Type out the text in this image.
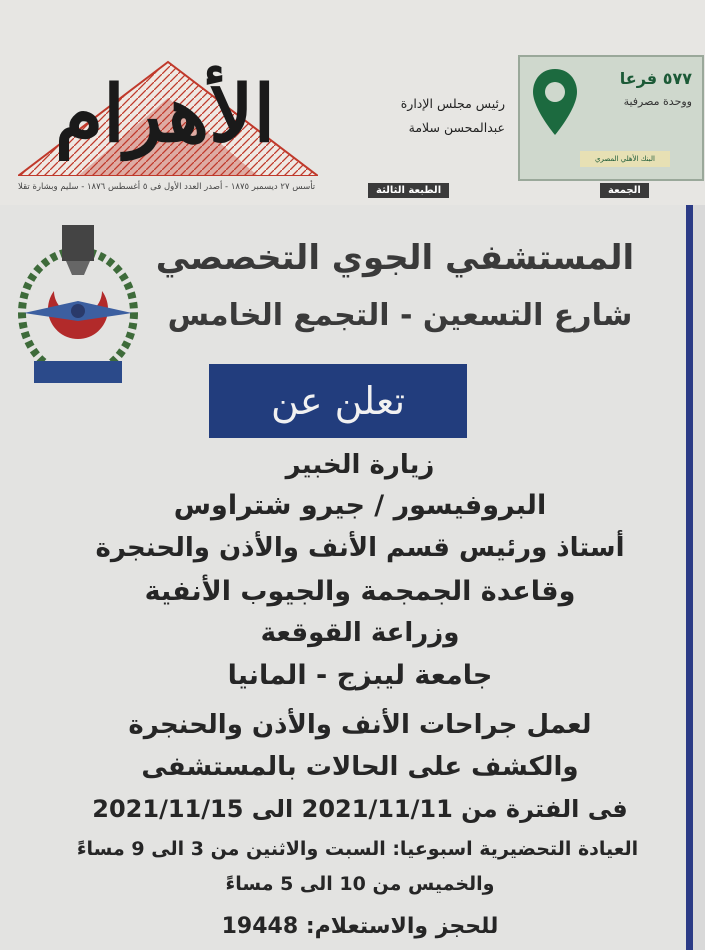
الأهرام	رئيس مجلس الإدارة
عبدالمحسن سلامة
٥٧٧ فرعا
ووحدة مصرفية
البنك الأهلي المصري
الطبعة الثالثة	الجمعة
تأسس ٢٧ ديسمبر ١٨٧٥ - أصدر العدد الأول فى ٥ أغسطس ١٨٧٦ - سليم وبشارة تقلا
المستشفي الجوي التخصصي
شارع التسعين - التجمع الخامس
تعلن عن
زيارة الخبير
البروفيسور / جيرو شتراوس
أستاذ ورئيس قسم الأنف والأذن والحنجرة
وقاعدة الجمجمة والجيوب الأنفية
وزراعة القوقعة
جامعة ليبزج - المانيا
لعمل جراحات الأنف والأذن والحنجرة
والكشف على الحالات بالمستشفى
فى الفترة من 2021/11/11 الى 2021/11/15
العيادة التحضيرية اسبوعيا: السبت والاثنين من 3 الى 9 مساءً
والخميس من 10 الى 5 مساءً
للحجز والاستعلام: 19448
